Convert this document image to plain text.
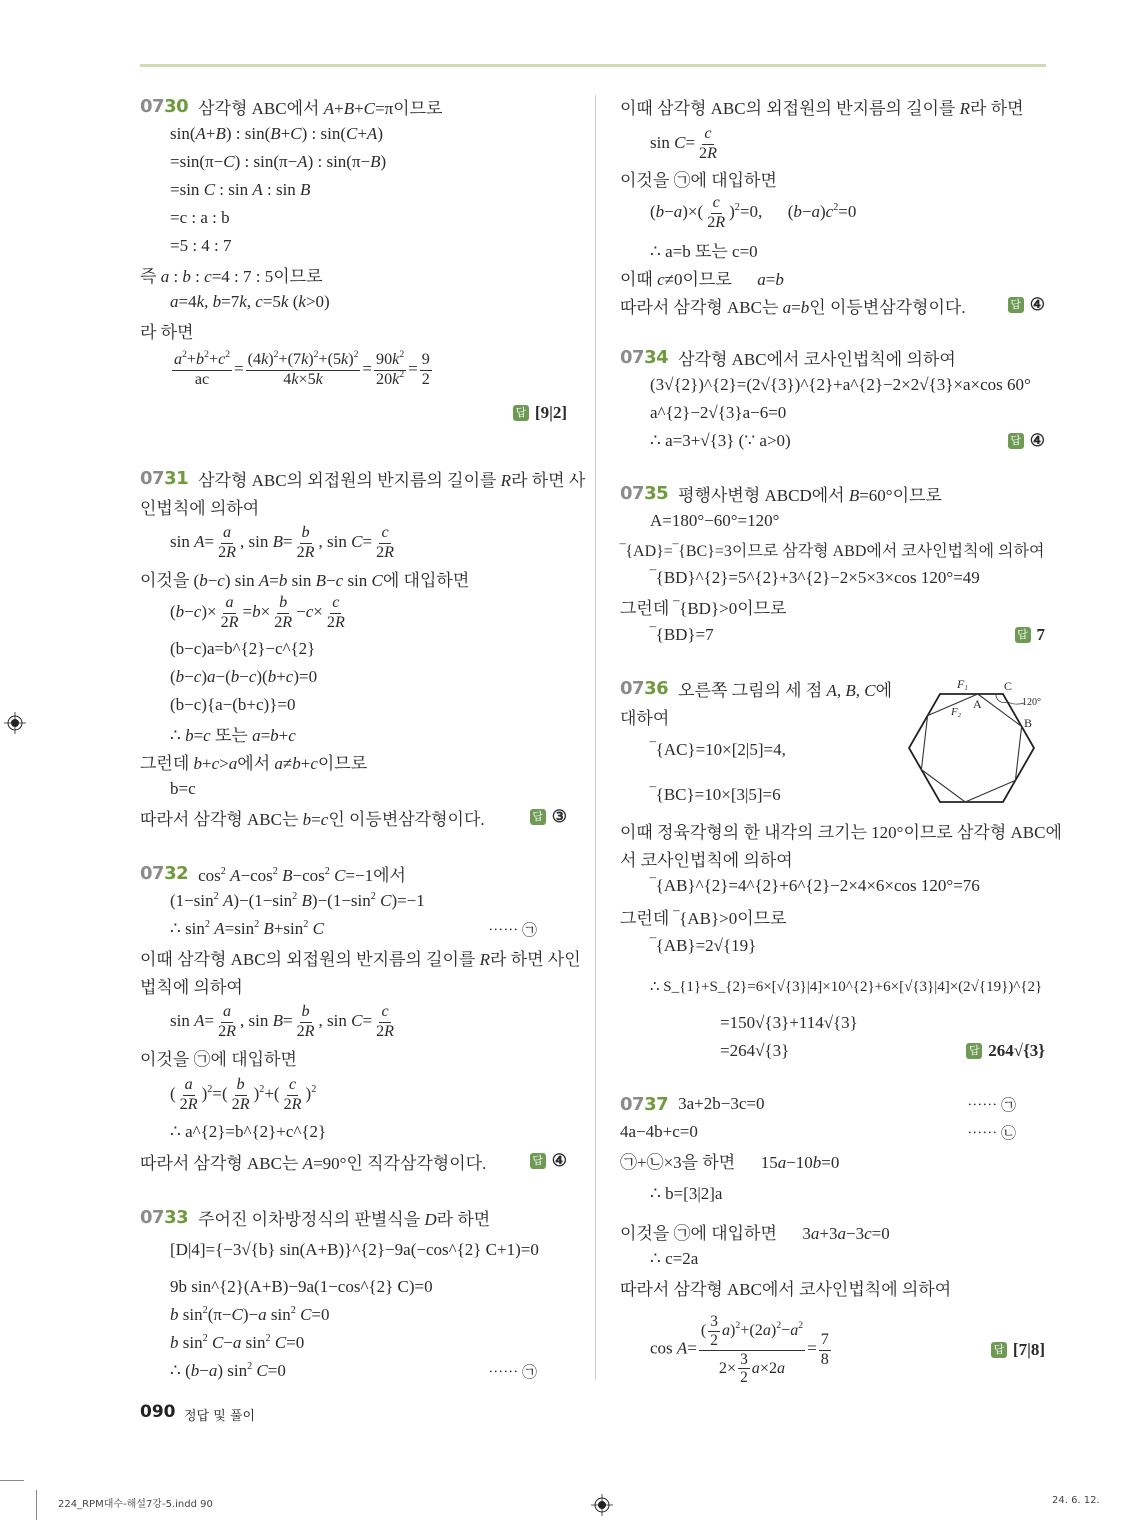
0730 삼각형 ABC에서 A+B+C=π이므로
sin(A+B) : sin(B+C) : sin(C+A)
=sin(π−C) : sin(π−A) : sin(π−B)
=sin C : sin A : sin B
=c : a : b
=5 : 4 : 7
즉 a : b : c=4 : 7 : 5이므로
a=4k, b=7k, c=5k (k>0)
라 하면
$\frac{a^2+b^2+c^2}{ac} = \frac{(4k)^2+(7k)^2+(5k)^2}{4k\times 5k} = \frac{90k^2}{20k^2} = \frac{9}{2}$
답 [9|2]
0731 삼각형 ABC의 외접원의 반지름의 길이를 R라 하면 사
인법칙에 의하여
$\sin A= \frac{a}{2R}$ , $\sin B= \frac{b}{2R}$ , $\sin C= \frac{c}{2R}$
이것을 (b−c) sin A=b sin B−c sin C에 대입하면
$(b-c)\times \frac{a}{2R} =b\times \frac{b}{2R} -c\times \frac{c}{2R}$
(b−c)a=b^{2}−c^{2}
(b−c)a−(b−c)(b+c)=0
(b−c){a−(b+c)}=0
∴ b=c 또는 a=b+c
그런데 b+c>a에서 a≠b+c이므로
b=c
따라서 삼각형 ABC는 b=c인 이등변삼각형이다.	답 ③
0732 $\cos^2 A-\cos^2$ $B-\cos^2$ C=−1에서
($1-\sin^2$ $A)-(1-\sin^2$ $B)-(1-\sin^2$ C)=−1
∴ $\sin^2 A=\sin^2$ $B+\sin^2$ C	⋯⋯ ㉠
이때 삼각형 ABC의 외접원의 반지름의 길이를 R라 하면 사인
법칙에 의하여
$\sin A= \frac{a}{2R}$ , $\sin B= \frac{b}{2R}$ , $\sin C= \frac{c}{2R}$
이것을 ㉠에 대입하면
( $\frac{a}{2R} )^2=( \frac{b}{2R} )^2+( \frac{c}{2R} )^2$
∴ a^{2}=b^{2}+c^{2}
따라서 삼각형 ABC는 A=90°인 직각삼각형이다.	답 ④
0733 주어진 이차방정식의 판별식을 D라 하면
[D|4]={−3√{b} sin(A+B)}^{2}−9a(−cos^{2} C+1)=0
9b sin^{2}(A+B)−9a(1−cos^{2} C)=0
b $\sin^2(\pi-C)-a$ $\sin^2 C=0$
b $\sin^2 C-a$ $\sin^2 C=0$
∴ (b−a) $\sin^2 C=0$	⋯⋯ ㉠
이때 삼각형 ABC의 외접원의 반지름의 길이를 R라 하면
$\sin C= \frac{c}{2R}$
이것을 ㉠에 대입하면
$(b-a)\times( \frac{c}{2R} )^2=0$,      $(b-a)c^2=0$
∴ a=b 또는 c=0
이때 c≠0이므로      a=b
따라서 삼각형 ABC는 a=b인 이등변삼각형이다.	답 ④
0734 삼각형 ABC에서 코사인법칙에 의하여
(3√{2})^{2}=(2√{3})^{2}+a^{2}−2×2√{3}×a×cos 60°
a^{2}−2√{3}a−6=0
∴ a=3+√{3} (∵ a>0)	답 ④
0735 평행사변형 ABCD에서 B=60°이므로
A=180°−60°=120°
‾{AD}=‾{BC}=3이므로 삼각형 ABD에서 코사인법칙에 의하여
‾{BD}^{2}=5^{2}+3^{2}−2×5×3×cos 120°=49
그런데 ‾{BD}>0이므로
‾{BD}=7	답 7
0736 오른쪽 그림의 세 점 A, B, C에
대하여
‾{AC}=10×[2|5]=4,
‾{BC}=10×[3|5]=6
이때 정육각형의 한 내각의 크기는 120°이므로 삼각형 ABC에
서 코사인법칙에 의하여
‾{AB}^{2}=4^{2}+6^{2}−2×4×6×cos 120°=76
그런데 ‾{AB}>0이므로
‾{AB}=2√{19}
∴ S_{1}+S_{2}=6×[√{3}|4]×10^{2}+6×[√{3}|4]×(2√{19})^{2}
=150√{3}+114√{3}
=264√{3}	답 264√{3}
0737 3a+2b−3c=0	⋯⋯ ㉠
4a−4b+c=0	⋯⋯ ㉡
㉠+㉡×3을 하면      15a−10b=0
∴ b=[3|2]a
이것을 ㉠에 대입하면      3a+3a−3c=0
∴ c=2a
따라서 삼각형 ABC에서 코사인법칙에 의하여
$\cos A= \frac{( \frac{3}{2} a)^2+(2a)^2-a^2}{2\times \frac{3}{2} a\times 2a} = \frac{7}{8}$	답 [7|8]
$F_1$	C
A
$F_2$
120°
B
090 정답 및 풀이
224_RPM대수-해설7강-5.indd 90	24. 6. 12.
